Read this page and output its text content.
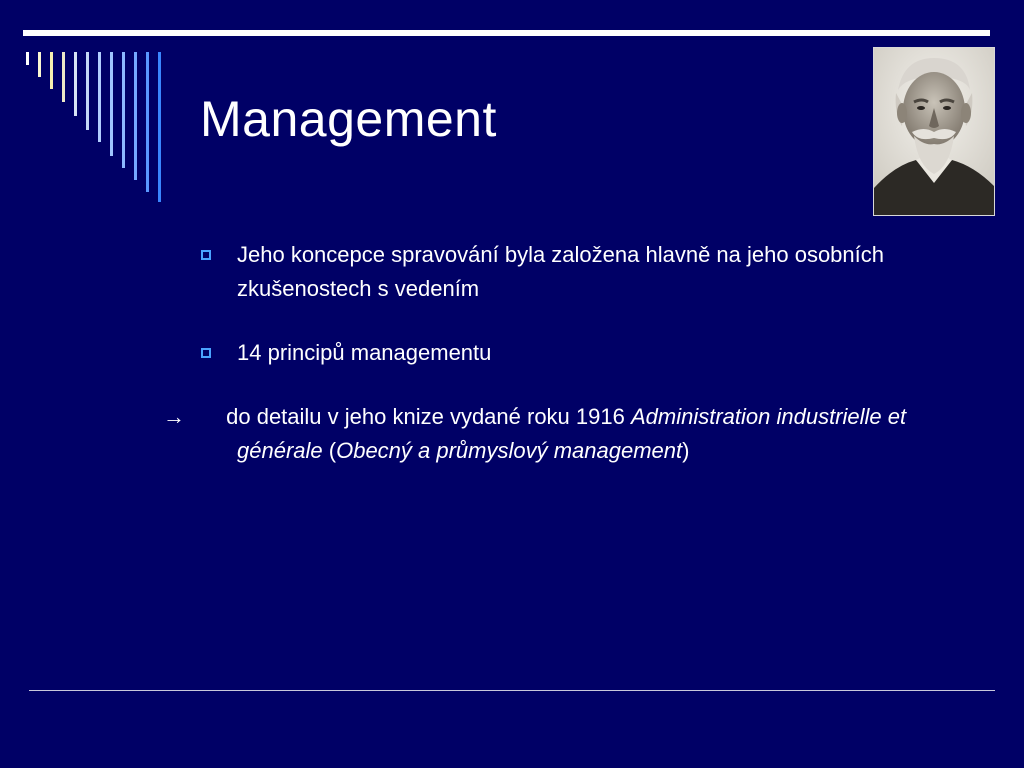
Management
Jeho koncepce spravování byla založena hlavně na jeho osobních zkušenostech s vedením
14 principů managementu
→ do detailu v jeho knize vydané roku 1916 Administration industrielle et générale (Obecný a průmyslový management)
